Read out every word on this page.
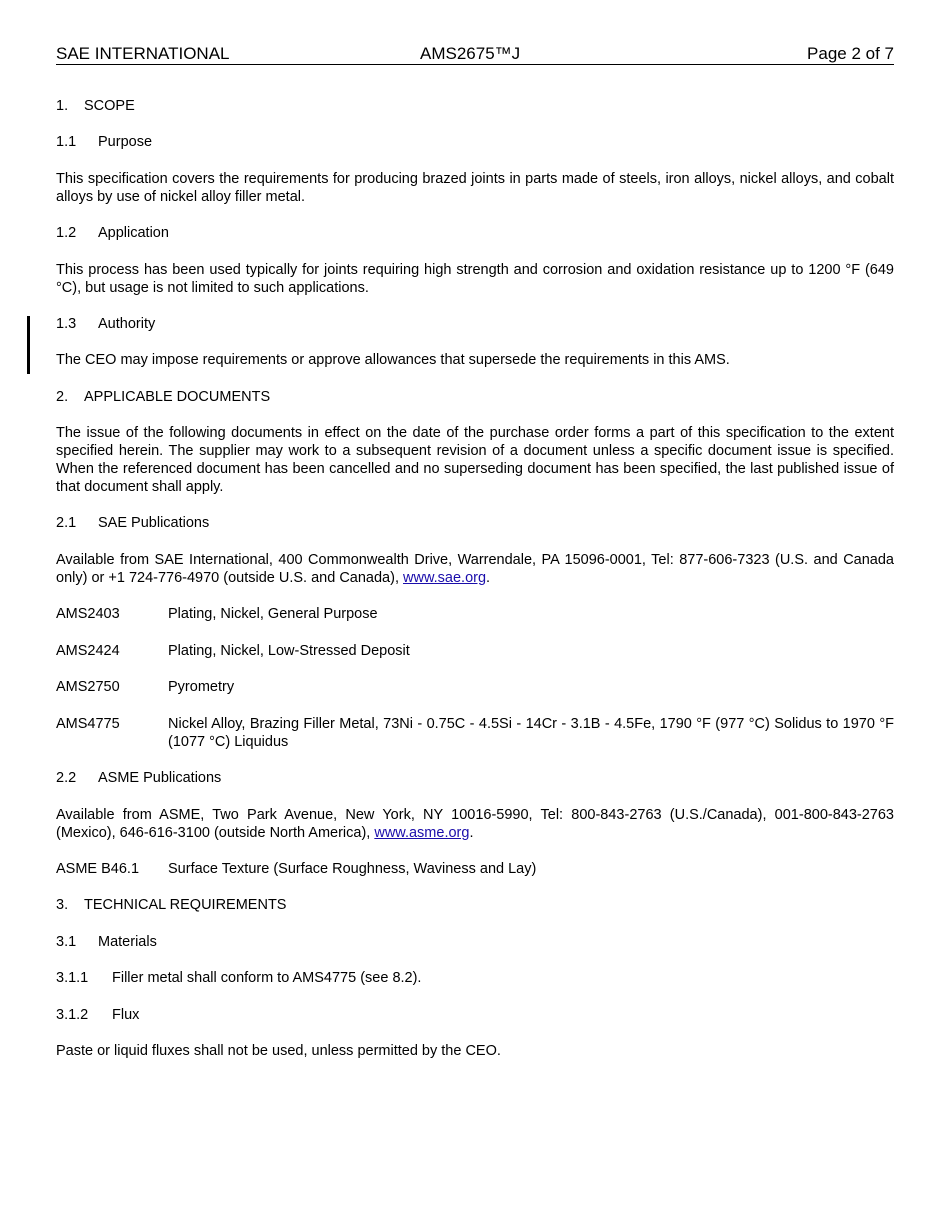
SAE INTERNATIONAL	AMS2675™J	Page 2 of 7
1. SCOPE
1.1 Purpose
This specification covers the requirements for producing brazed joints in parts made of steels, iron alloys, nickel alloys, and cobalt alloys by use of nickel alloy filler metal.
1.2 Application
This process has been used typically for joints requiring high strength and corrosion and oxidation resistance up to 1200 °F (649 °C), but usage is not limited to such applications.
1.3 Authority
The CEO may impose requirements or approve allowances that supersede the requirements in this AMS.
2. APPLICABLE DOCUMENTS
The issue of the following documents in effect on the date of the purchase order forms a part of this specification to the extent specified herein. The supplier may work to a subsequent revision of a document unless a specific document issue is specified. When the referenced document has been cancelled and no superseding document has been specified, the last published issue of that document shall apply.
2.1 SAE Publications
Available from SAE International, 400 Commonwealth Drive, Warrendale, PA 15096-0001, Tel: 877-606-7323 (U.S. and Canada only) or +1 724-776-4970 (outside U.S. and Canada), www.sae.org.
AMS2403	Plating, Nickel, General Purpose
AMS2424	Plating, Nickel, Low-Stressed Deposit
AMS2750	Pyrometry
AMS4775	Nickel Alloy, Brazing Filler Metal, 73Ni - 0.75C - 4.5Si - 14Cr - 3.1B - 4.5Fe, 1790 °F (977 °C) Solidus to 1970 °F (1077 °C) Liquidus
2.2 ASME Publications
Available from ASME, Two Park Avenue, New York, NY 10016-5990, Tel: 800-843-2763 (U.S./Canada), 001-800-843-2763 (Mexico), 646-616-3100 (outside North America), www.asme.org.
ASME B46.1	Surface Texture (Surface Roughness, Waviness and Lay)
3. TECHNICAL REQUIREMENTS
3.1 Materials
3.1.1 Filler metal shall conform to AMS4775 (see 8.2).
3.1.2 Flux
Paste or liquid fluxes shall not be used, unless permitted by the CEO.
